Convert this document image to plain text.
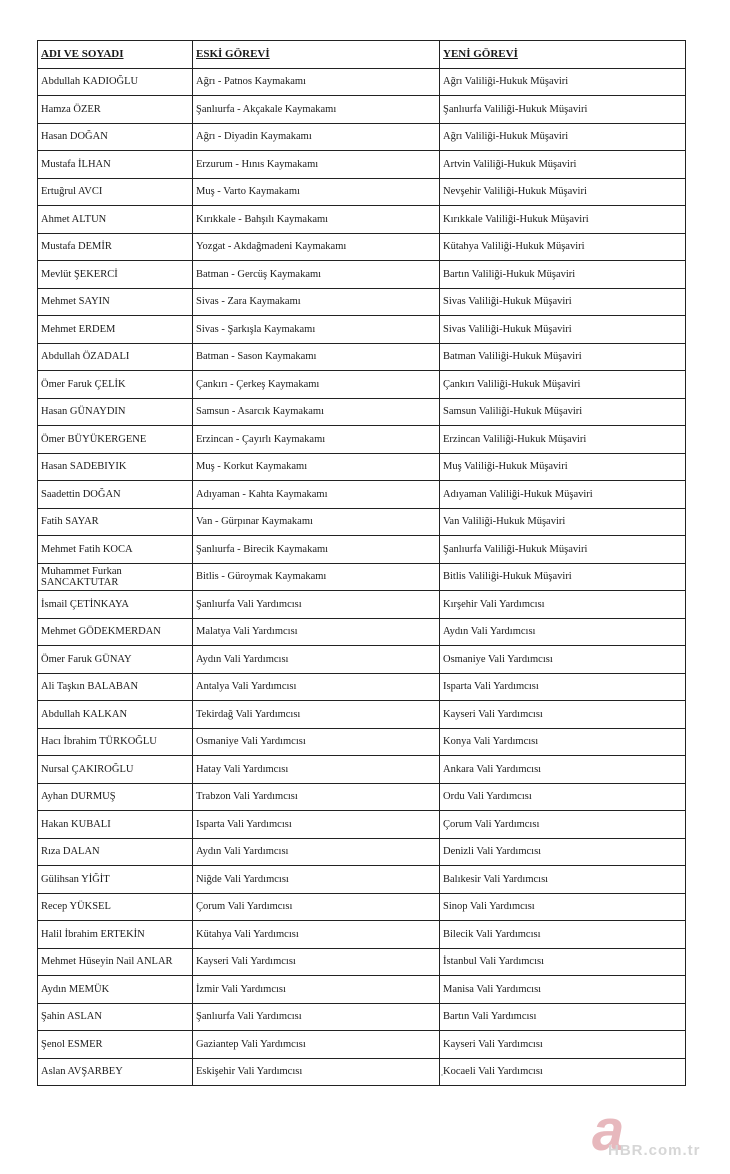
ADI VE SOYADI	ESKİ GÖREVİ	YENİ GÖREVİ
Abdullah KADIOĞLU	Ağrı - Patnos Kaymakamı	Ağrı Valiliği-Hukuk Müşaviri
Hamza ÖZER	Şanlıurfa - Akçakale Kaymakamı	Şanlıurfa Valiliği-Hukuk Müşaviri
Hasan DOĞAN	Ağrı - Diyadin Kaymakamı	Ağrı Valiliği-Hukuk Müşaviri
Mustafa İLHAN	Erzurum - Hınıs Kaymakamı	Artvin Valiliği-Hukuk Müşaviri
Ertuğrul AVCI	Muş - Varto Kaymakamı	Nevşehir Valiliği-Hukuk Müşaviri
Ahmet ALTUN	Kırıkkale - Bahşılı Kaymakamı	Kırıkkale Valiliği-Hukuk Müşaviri
Mustafa DEMİR	Yozgat - Akdağmadeni Kaymakamı	Kütahya Valiliği-Hukuk Müşaviri
Mevlüt ŞEKERCİ	Batman - Gercüş Kaymakamı	Bartın Valiliği-Hukuk Müşaviri
Mehmet SAYIN	Sivas - Zara Kaymakamı	Sivas Valiliği-Hukuk Müşaviri
Mehmet ERDEM	Sivas - Şarkışla Kaymakamı	Sivas Valiliği-Hukuk Müşaviri
Abdullah ÖZADALI	Batman - Sason Kaymakamı	Batman Valiliği-Hukuk Müşaviri
Ömer Faruk ÇELİK	Çankırı - Çerkeş Kaymakamı	Çankırı Valiliği-Hukuk Müşaviri
Hasan GÜNAYDIN	Samsun - Asarcık Kaymakamı	Samsun Valiliği-Hukuk Müşaviri
Ömer BÜYÜKERGENE	Erzincan - Çayırlı Kaymakamı	Erzincan Valiliği-Hukuk Müşaviri
Hasan SADEBIYIK	Muş - Korkut Kaymakamı	Muş Valiliği-Hukuk Müşaviri
Saadettin DOĞAN	Adıyaman - Kahta Kaymakamı	Adıyaman Valiliği-Hukuk Müşaviri
Fatih SAYAR	Van - Gürpınar Kaymakamı	Van Valiliği-Hukuk Müşaviri
Mehmet Fatih KOCA	Şanlıurfa - Birecik Kaymakamı	Şanlıurfa Valiliği-Hukuk Müşaviri
Muhammet Furkan SANCAKTUTAR	Bitlis - Güroymak Kaymakamı	Bitlis Valiliği-Hukuk Müşaviri
İsmail ÇETİNKAYA	Şanlıurfa Vali Yardımcısı	Kırşehir Vali Yardımcısı
Mehmet GÖDEKMERDAN	Malatya Vali Yardımcısı	Aydın Vali Yardımcısı
Ömer Faruk GÜNAY	Aydın Vali Yardımcısı	Osmaniye Vali Yardımcısı
Ali Taşkın BALABAN	Antalya Vali Yardımcısı	Isparta Vali Yardımcısı
Abdullah KALKAN	Tekirdağ Vali Yardımcısı	Kayseri Vali Yardımcısı
Hacı İbrahim TÜRKOĞLU	Osmaniye Vali Yardımcısı	Konya Vali Yardımcısı
Nursal ÇAKIROĞLU	Hatay Vali Yardımcısı	Ankara Vali Yardımcısı
Ayhan DURMUŞ	Trabzon Vali Yardımcısı	Ordu Vali Yardımcısı
Hakan KUBALI	Isparta Vali Yardımcısı	Çorum Vali Yardımcısı
Rıza DALAN	Aydın Vali Yardımcısı	Denizli Vali Yardımcısı
Gülihsan YİĞİT	Niğde Vali Yardımcısı	Balıkesir Vali Yardımcısı
Recep YÜKSEL	Çorum Vali Yardımcısı	Sinop Vali Yardımcısı
Halil İbrahim ERTEKİN	Kütahya Vali Yardımcısı	Bilecik Vali Yardımcısı
Mehmet Hüseyin Nail ANLAR	Kayseri Vali Yardımcısı	İstanbul Vali Yardımcısı
Aydın MEMÜK	İzmir Vali Yardımcısı	Manisa Vali Yardımcısı
Şahin ASLAN	Şanlıurfa Vali Yardımcısı	Bartın Vali Yardımcısı
Şenol ESMER	Gaziantep Vali Yardımcısı	Kayseri Vali Yardımcısı
Aslan AVŞARBEY	Eskişehir Vali Yardımcısı	Kocaeli Vali Yardımcısı
a
HBR.com.tr
